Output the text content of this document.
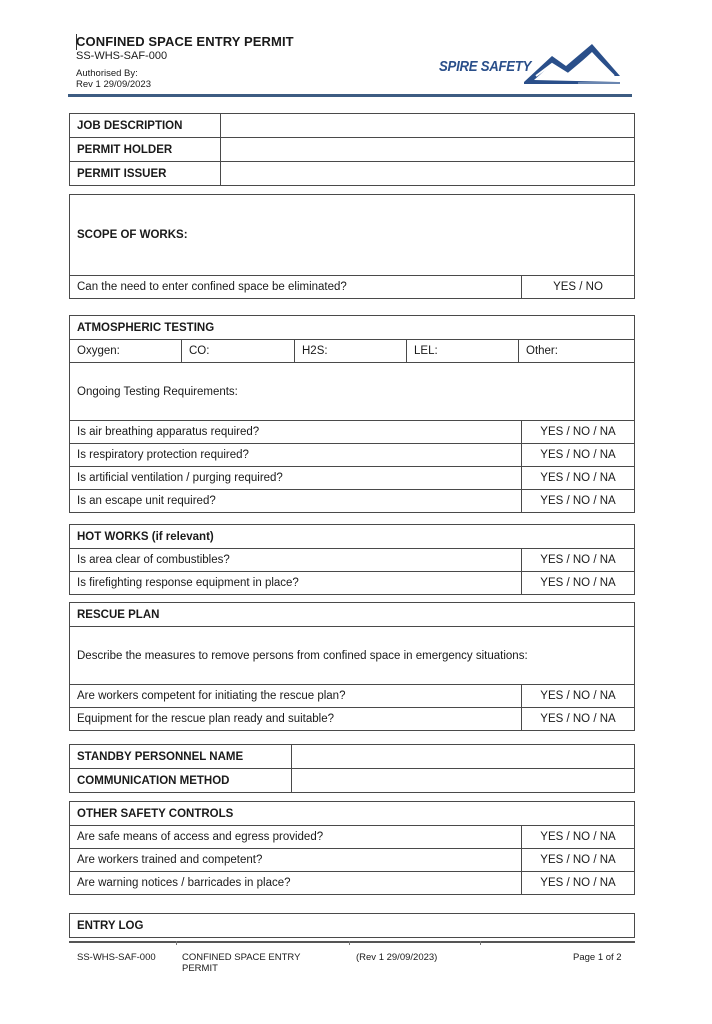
CONFINED SPACE ENTRY PERMIT
SS-WHS-SAF-000
Authorised By:
Rev 1 29/09/2023
SPIRE SAFETY
JOB DESCRIPTION	
PERMIT HOLDER	
PERMIT ISSUER	
SCOPE OF WORKS:
Can the need to enter confined space be eliminated?	YES / NO
ATMOSPHERIC TESTING					
Oxygen:	CO:	H2S:	LEL:	Other:	
Ongoing Testing Requirements:					
Is air breathing apparatus required?					YES / NO / NA
Is respiratory protection required?					YES / NO / NA
Is artificial ventilation / purging required?					YES / NO / NA
Is an escape unit required?					YES / NO / NA
HOT WORKS (if relevant)	
Is area clear of combustibles?	YES / NO / NA
Is firefighting response equipment in place?	YES / NO / NA
RESCUE PLAN	
Describe the measures to remove persons from confined space in emergency situations:	
Are workers competent for initiating the rescue plan?	YES / NO / NA
Equipment for the rescue plan ready and suitable?	YES / NO / NA
STANDBY PERSONNEL NAME	
COMMUNICATION METHOD	
OTHER SAFETY CONTROLS	
Are safe means of access and egress provided?	YES / NO / NA
Are workers trained and competent?	YES / NO / NA
Are warning notices / barricades in place?	YES / NO / NA
ENTRY LOG
SS-WHS-SAF-000	CONFINED SPACE ENTRY
PERMIT
(Rev 1 29/09/2023)	Page 1 of 2
